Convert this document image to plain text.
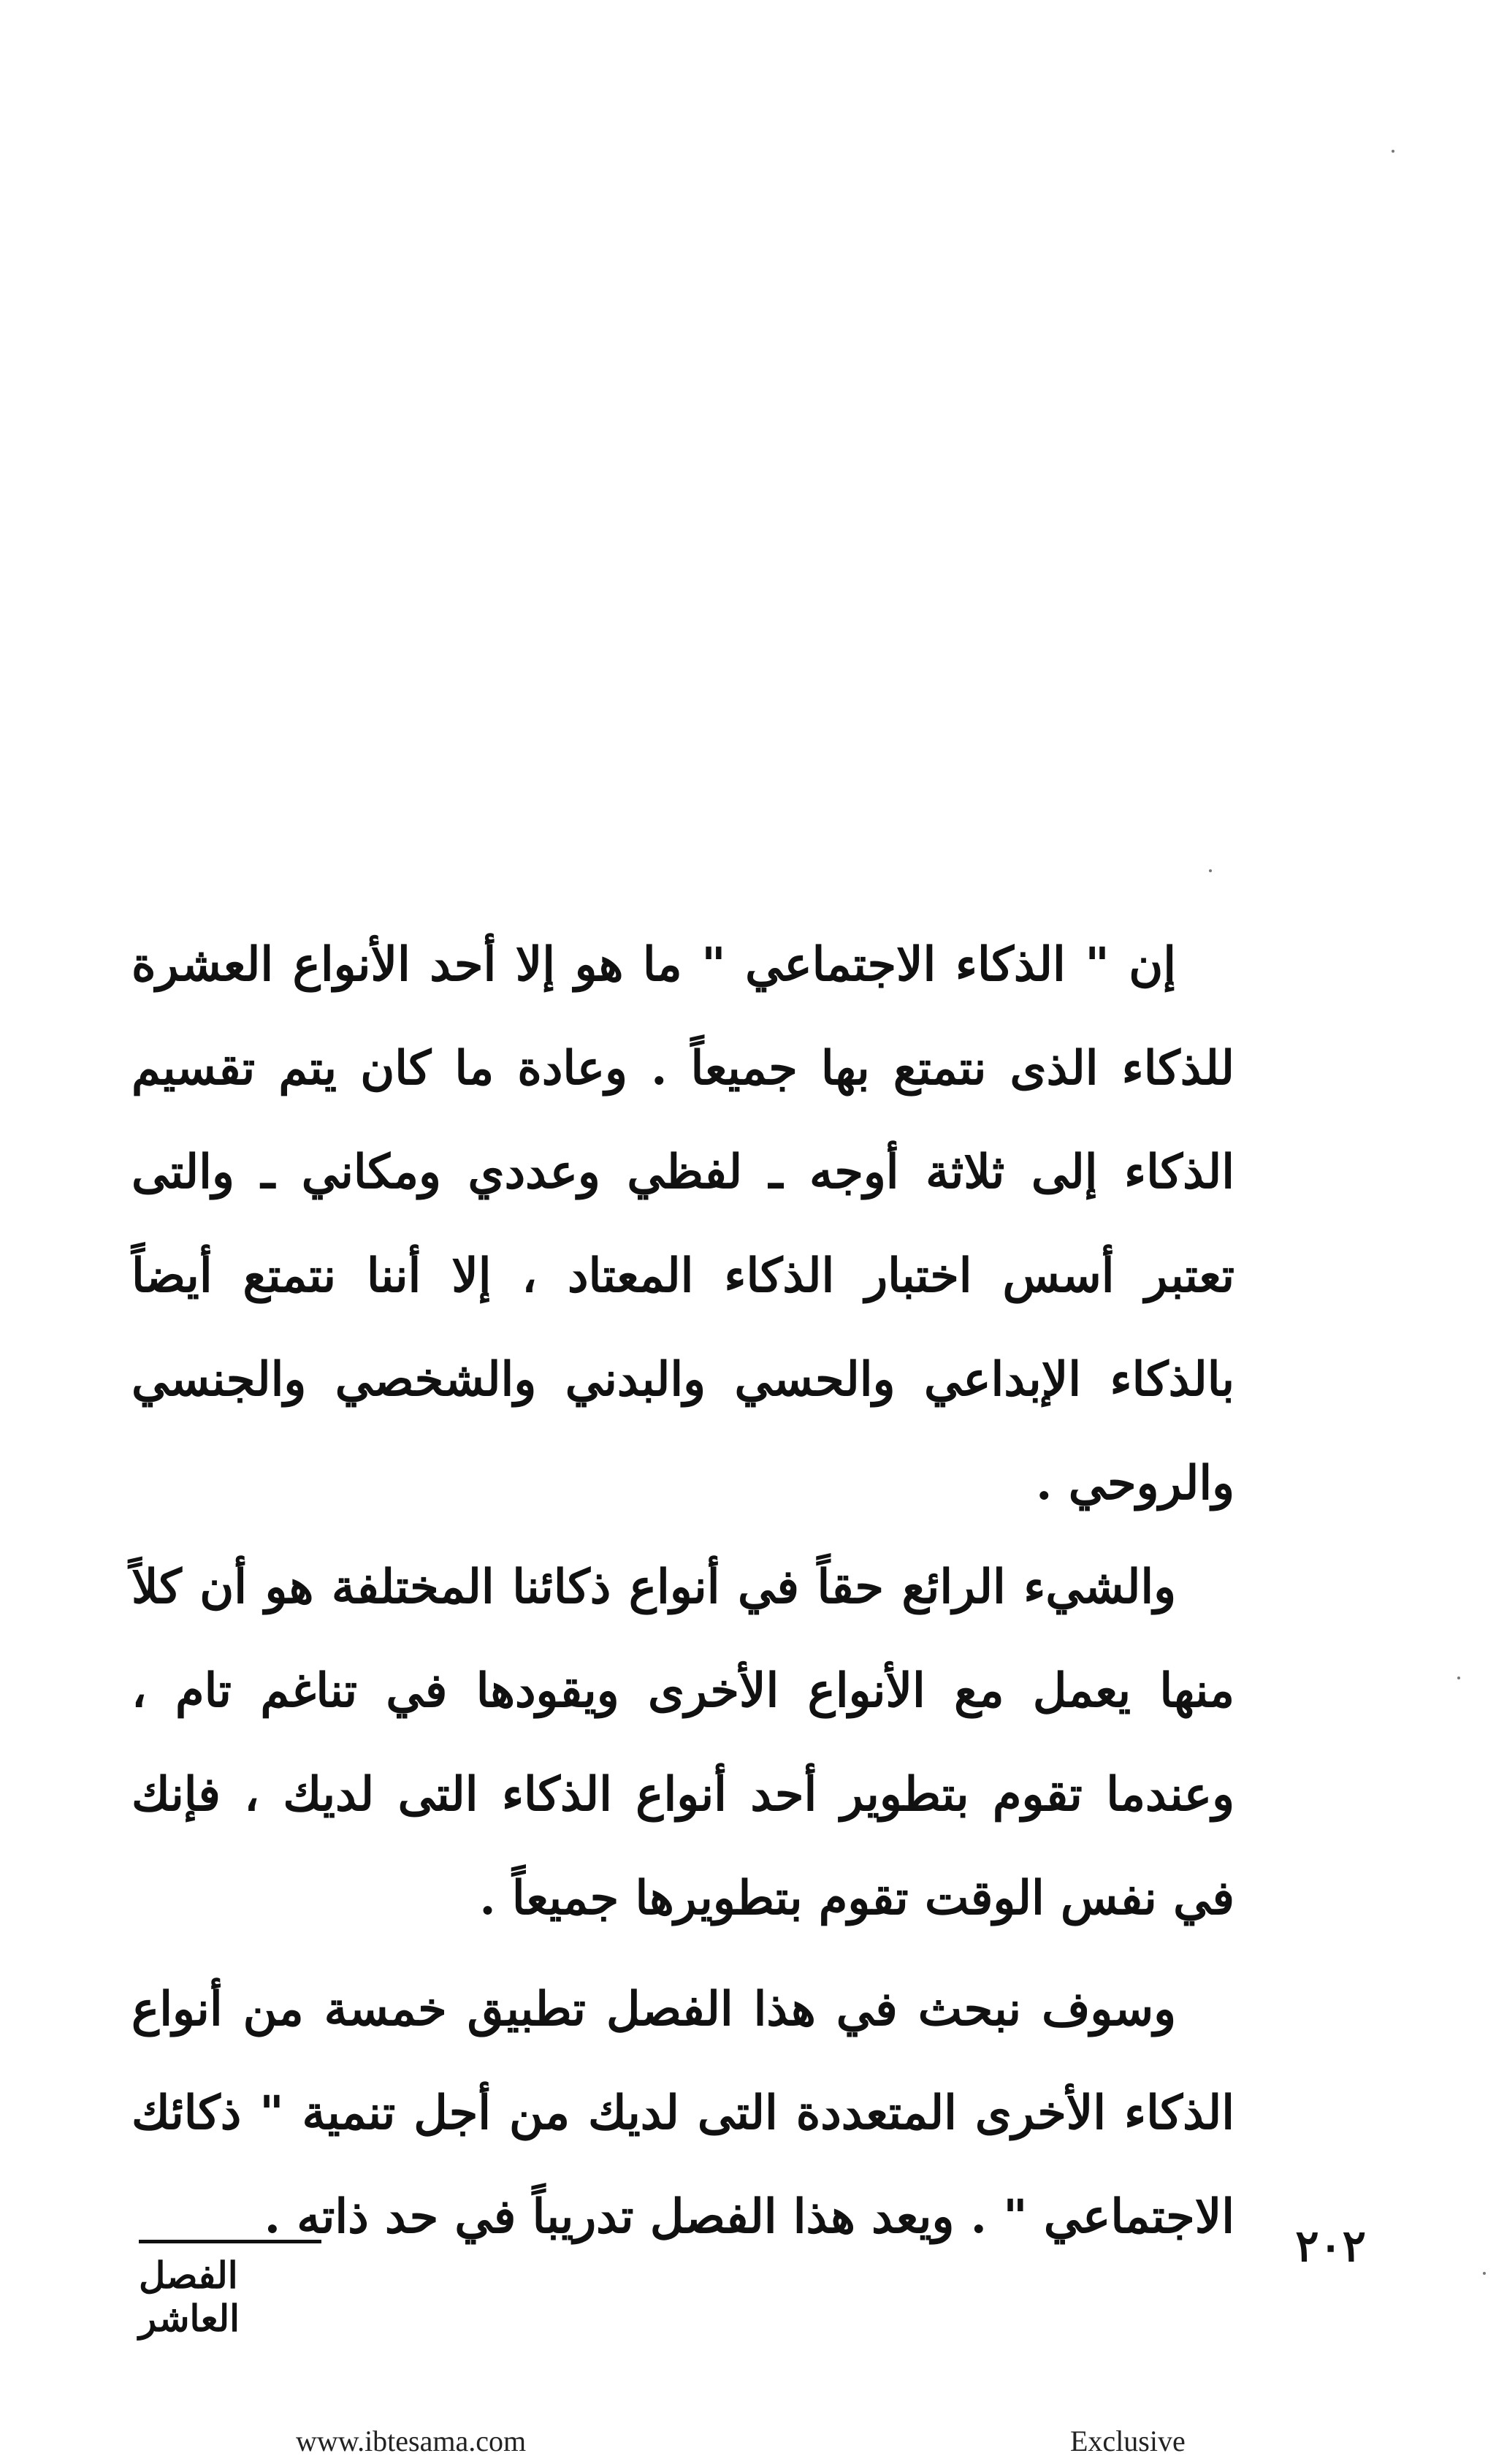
إن " الذكاء الاجتماعي " ما هو إلا أحد الأنواع العشرة للذكاء الذى نتمتع بها جميعاً . وعادة ما كان يتم تقسيم الذكاء إلى ثلاثة أوجه ـ لفظي وعددي ومكاني ـ والتى تعتبر أسس اختبار الذكاء المعتاد ، إلا أننا نتمتع أيضاً بالذكاء الإبداعي والحسي والبدني والشخصي والجنسي والروحي .

والشيء الرائع حقاً في أنواع ذكائنا المختلفة هو أن كلاً منها يعمل مع الأنواع الأخرى ويقودها في تناغم تام ، وعندما تقوم بتطوير أحد أنواع الذكاء التى لديك ، فإنك في نفس الوقت تقوم بتطويرها جميعاً .

وسوف نبحث في هذا الفصل تطبيق خمسة من أنواع الذكاء الأخرى المتعددة التى لديك من أجل تنمية " ذكائك الاجتماعي " . ويعد هذا الفصل تدريباً في حد ذاته .

الفصل العاشر
٢٠٢
www.ibtesama.com	Exclusive
